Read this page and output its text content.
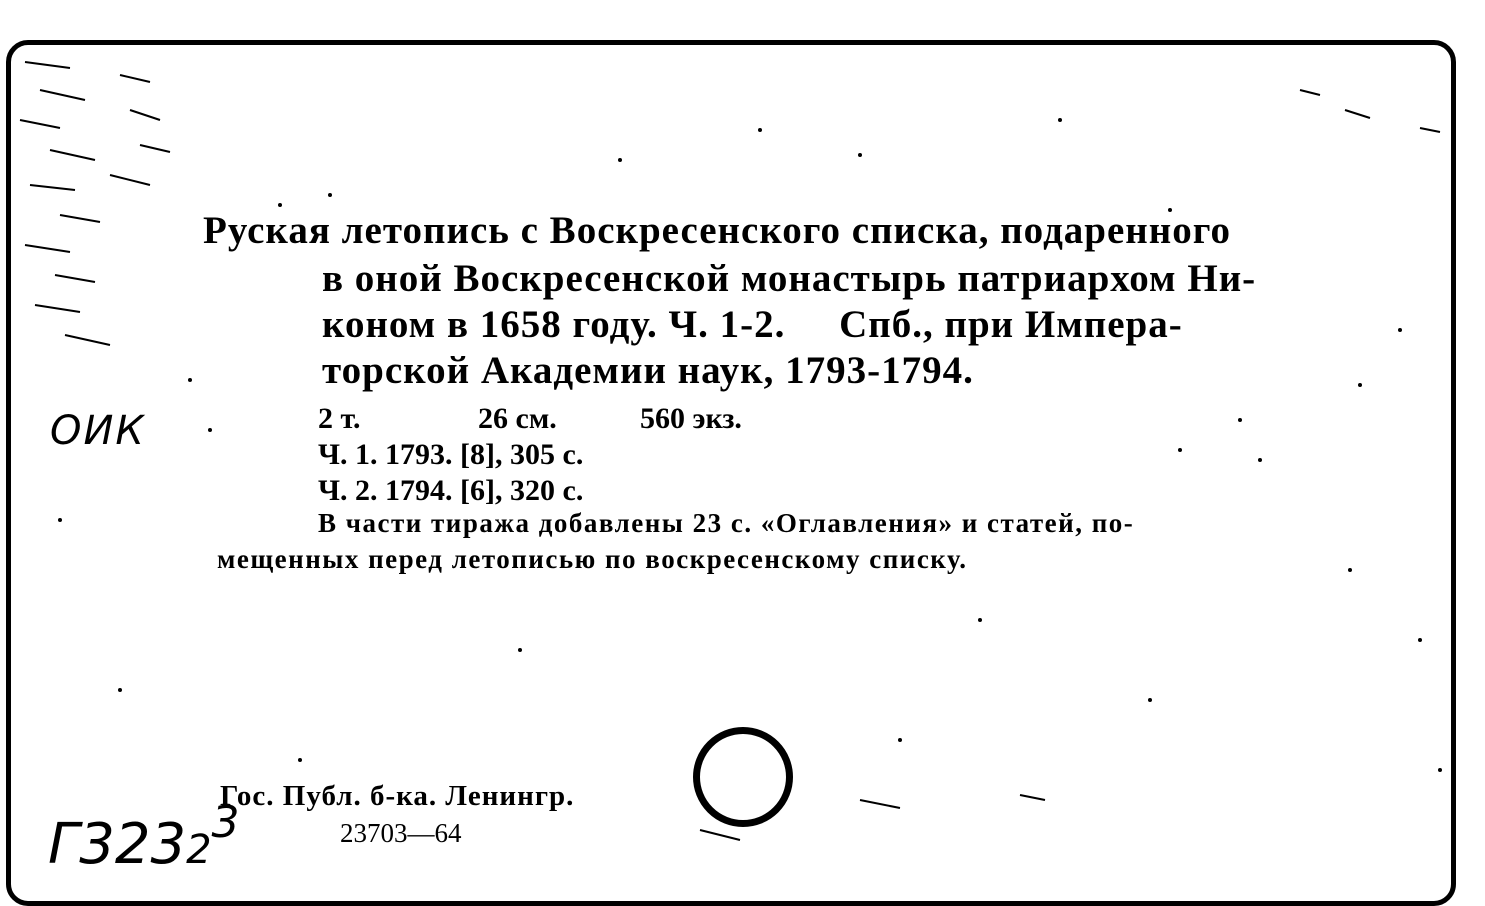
Руская летопись с Воскресенского списка, подаренного
в оной Воскресенской монастырь патриархом Ни-
коном в 1658 году. Ч. 1-2.     Спб., при Импера-
торской Академии наук, 1793-1794.
2 т.	26 см.	560 экз.
Ч. 1. 1793. [8], 305 с.
Ч. 2. 1794. [6], 320 с.
В части тиража добавлены 23 с. «Оглавления» и статей, по-
мещенных перед летописью по воскресенскому списку.
Гос. Публ. б-ка. Ленингр.
23703—64
ОИК
Г3232$^3$
